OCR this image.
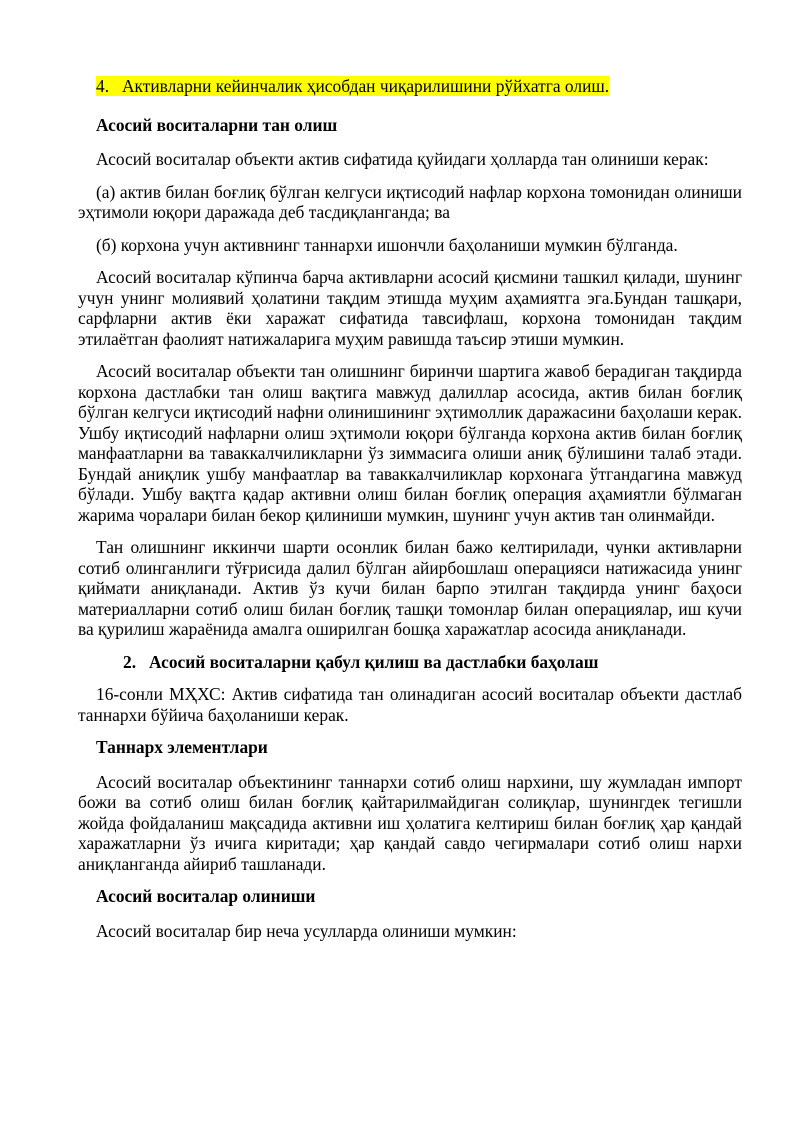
4. Активларни кейинчалик ҳисобдан чиқарилишини рўйхатга олиш.
Асосий воситаларни тан олиш

Асосий воситалар объекти актив сифатида қуйидаги ҳолларда тан олиниши керак:

(а) актив билан боғлиқ бўлган келгуси иқтисодий нафлар корхона томонидан олиниши эҳтимоли юқори даражада деб тасдиқланганда; ва

(б) корхона учун активнинг таннархи ишончли баҳоланиши мумкин бўлганда.

Асосий воситалар кўпинча барча активларни асосий қисмини ташкил қилади, шунинг учун унинг молиявий ҳолатини тақдим этишда муҳим аҳамиятга эга.Бундан ташқари, сарфларни актив ёки харажат сифатида тавсифлаш, корхона томонидан тақдим этилаётган фаолият натижаларига муҳим равишда таъсир этиши мумкин.

Асосий воситалар объекти тан олишнинг биринчи шартига жавоб берадиган тақдирда корхона дастлабки тан олиш вақтига мавжуд далиллар асосида, актив билан боғлиқ бўлган келгуси иқтисодий нафни олинишининг эҳтимоллик даражасини баҳолаши керак. Ушбу иқтисодий нафларни олиш эҳтимоли юқори бўлганда корхона актив билан боғлиқ манфаатларни ва таваккалчиликларни ўз зиммасига олиши аниқ бўлишини талаб этади. Бундай аниқлик ушбу манфаатлар ва таваккалчиликлар корхонага ўтгандагина мавжуд бўлади. Ушбу вақтга қадар активни олиш билан боғлиқ операция аҳамиятли бўлмаган жарима чоралари билан бекор қилиниши мумкин, шунинг учун актив тан олинмайди.

Тан олишнинг иккинчи шарти осонлик билан бажо келтирилади, чунки активларни сотиб олинганлиги тўғрисида далил бўлган айирбошлаш операцияси натижасида унинг қиймати аниқланади. Актив ўз кучи билан барпо этилган тақдирда унинг баҳоси материалларни сотиб олиш билан боғлиқ ташқи томонлар билан операциялар, иш кучи ва қурилиш жараёнида амалга оширилган бошқа харажатлар асосида аниқланади.

2. Асосий воситаларни қабул қилиш ва дастлабки баҳолаш

16-сонли МҲХС: Актив сифатида тан олинадиган асосий воситалар объекти дастлаб таннархи бўйича баҳоланиши керак.

Таннарх элементлари

Асосий воситалар объектининг таннархи сотиб олиш нархини, шу жумладан импорт божи ва сотиб олиш билан боғлиқ қайтарилмайдиган солиқлар, шунингдек тегишли жойда фойдаланиш мақсадида активни иш ҳолатига келтириш билан боғлиқ ҳар қандай харажатларни ўз ичига киритади; ҳар қандай савдо чегирмалари сотиб олиш нархи аниқланганда айириб ташланади.

Асосий воситалар олиниши

Асосий воситалар бир неча усулларда олиниши мумкин:
